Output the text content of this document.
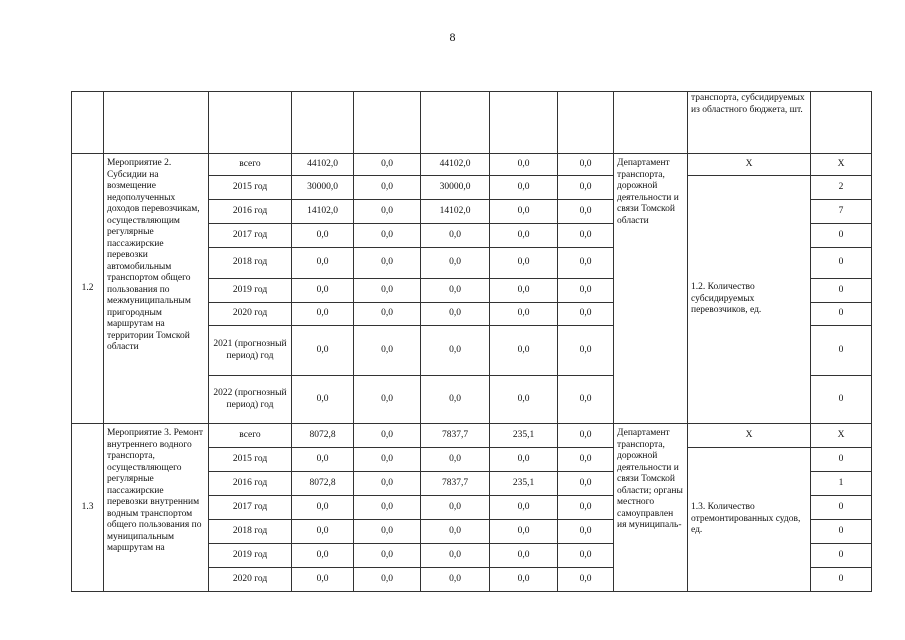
8
									транспорта, субсидируемых из областного бюджета, шт.	
1.2	Мероприятие 2. Субсидии на возмещение недополученных доходов перевозчикам, осуществляющим регулярные пассажирские перевозки автомобильным транспортом общего пользования по межмуниципальным пригородным маршрутам на территории Томской области	всего	44102,0	0,0	44102,0	0,0	0,0	Департамент транспорта, дорожной деятельности и связи Томской области	X	X
		2015 год	30000,0	0,0	30000,0	0,0	0,0		1.2. Количество субсидируемых перевозчиков, ед.	2
		2016 год	14102,0	0,0	14102,0	0,0	0,0			7
		2017 год	0,0	0,0	0,0	0,0	0,0			0
		2018 год	0,0	0,0	0,0	0,0	0,0			0
		2019 год	0,0	0,0	0,0	0,0	0,0			0
		2020 год	0,0	0,0	0,0	0,0	0,0			0
		2021 (прогнозный период) год	0,0	0,0	0,0	0,0	0,0			0
		2022 (прогнозный период) год	0,0	0,0	0,0	0,0	0,0			0
1.3	Мероприятие 3. Ремонт внутреннего водного транспорта, осуществляющего регулярные пассажирские перевозки внутренним водным транспортом общего пользования по муниципальным маршрутам на	всего	8072,8	0,0	7837,7	235,1	0,0	Департамент транспорта, дорожной деятельности и связи Томской области; органы местного самоуправлен ия муниципаль-	X	X
		2015 год	0,0	0,0	0,0	0,0	0,0		1.3. Количество отремонтированных судов, ед.	0
		2016 год	8072,8	0,0	7837,7	235,1	0,0			1
		2017 год	0,0	0,0	0,0	0,0	0,0			0
		2018 год	0,0	0,0	0,0	0,0	0,0			0
		2019 год	0,0	0,0	0,0	0,0	0,0			0
		2020 год	0,0	0,0	0,0	0,0	0,0			0
